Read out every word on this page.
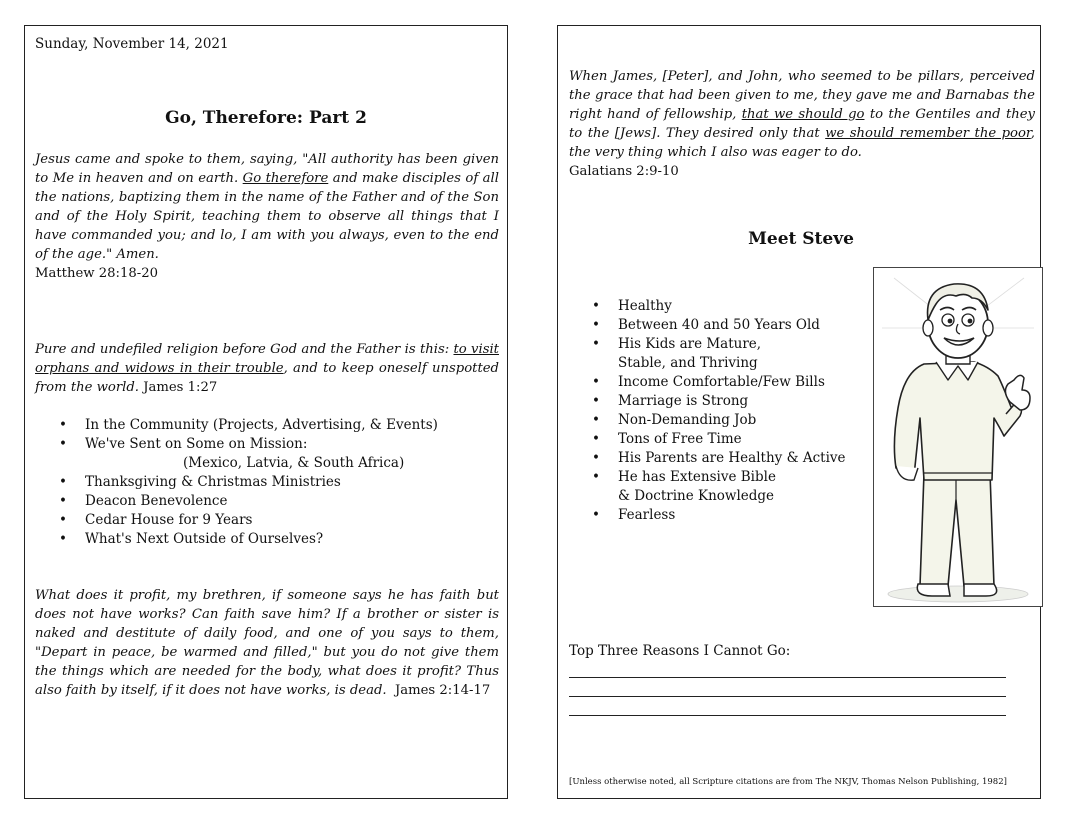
Sunday, November 14, 2021
Go, Therefore: Part 2
Jesus came and spoke to them, saying, "All authority has been given to Me in heaven and on earth. Go therefore and make disciples of all the nations, baptizing them in the name of the Father and of the Son and of the Holy Spirit, teaching them to observe all things that I have commanded you; and lo, I am with you always, even to the end of the age." Amen.
Matthew 28:18-20
Pure and undefiled religion before God and the Father is this: to visit orphans and widows in their trouble, and to keep oneself unspotted from the world. James 1:27
• In the Community (Projects, Advertising, & Events)
• We've Sent on Some on Mission:
(Mexico, Latvia, & South Africa)
• Thanksgiving & Christmas Ministries
• Deacon Benevolence
• Cedar House for 9 Years
• What's Next Outside of Ourselves?
What does it profit, my brethren, if someone says he has faith but does not have works? Can faith save him? If a brother or sister is naked and destitute of daily food, and one of you says to them, "Depart in peace, be warmed and filled," but you do not give them the things which are needed for the body, what does it profit? Thus also faith by itself, if it does not have works, is dead. James 2:14-17
When James, [Peter], and John, who seemed to be pillars, perceived the grace that had been given to me, they gave me and Barnabas the right hand of fellowship, that we should go to the Gentiles and they to the [Jews]. They desired only that we should remember the poor, the very thing which I also was eager to do.
Galatians 2:9-10
Meet Steve
• Healthy
• Between 40 and 50 Years Old
• His Kids are Mature,
Stable, and Thriving
• Income Comfortable/Few Bills
• Marriage is Strong
• Non-Demanding Job
• Tons of Free Time
• His Parents are Healthy & Active
• He has Extensive Bible
& Doctrine Knowledge
• Fearless
Top Three Reasons I Cannot Go:
[Unless otherwise noted, all Scripture citations are from The NKJV, Thomas Nelson Publishing, 1982]
